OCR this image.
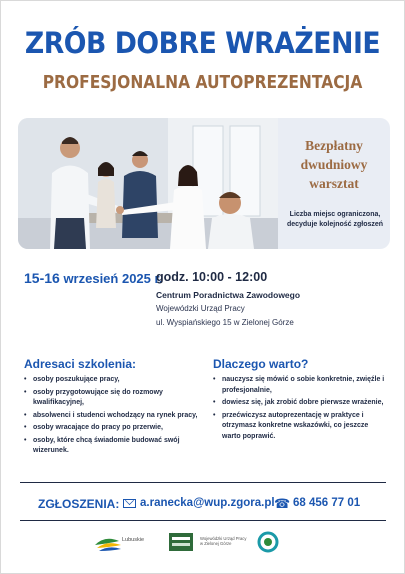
ZRÓB DOBRE WRAŻENIE
PROFESJONALNA AUTOPREZENTACJA
Bezpłatny
dwudniowy
warsztat
Liczba miejsc ograniczona,
decyduje kolejność zgłoszeń
15-16 wrzesień 2025 r.
godz. 10:00 - 12:00
Centrum Poradnictwa Zawodowego
Wojewódzki Urząd Pracy
ul. Wyspiańskiego 15 w Zielonej Górze
Adresaci szkolenia:
• osoby poszukujące pracy,
• osoby przygotowujące się do rozmowy kwalifikacyjnej,
• absolwenci i studenci wchodzący na rynek pracy,
• osoby wracające do pracy po przerwie,
• osoby, które chcą świadomie budować swój wizerunek.
Dlaczego warto?
• nauczysz się mówić o sobie konkretnie, zwięźle i profesjonalnie,
• dowiesz się, jak zrobić dobre pierwsze wrażenie,
• przećwiczysz autoprezentację w praktyce i otrzymasz konkretne wskazówki, co jeszcze warto poprawić.
ZGŁOSZENIA: a.ranecka@wup.zgora.pl ☎ 68 456 77 01
Lubuskie	Wojewódzki Urząd Pracy w Zielonej Górze
